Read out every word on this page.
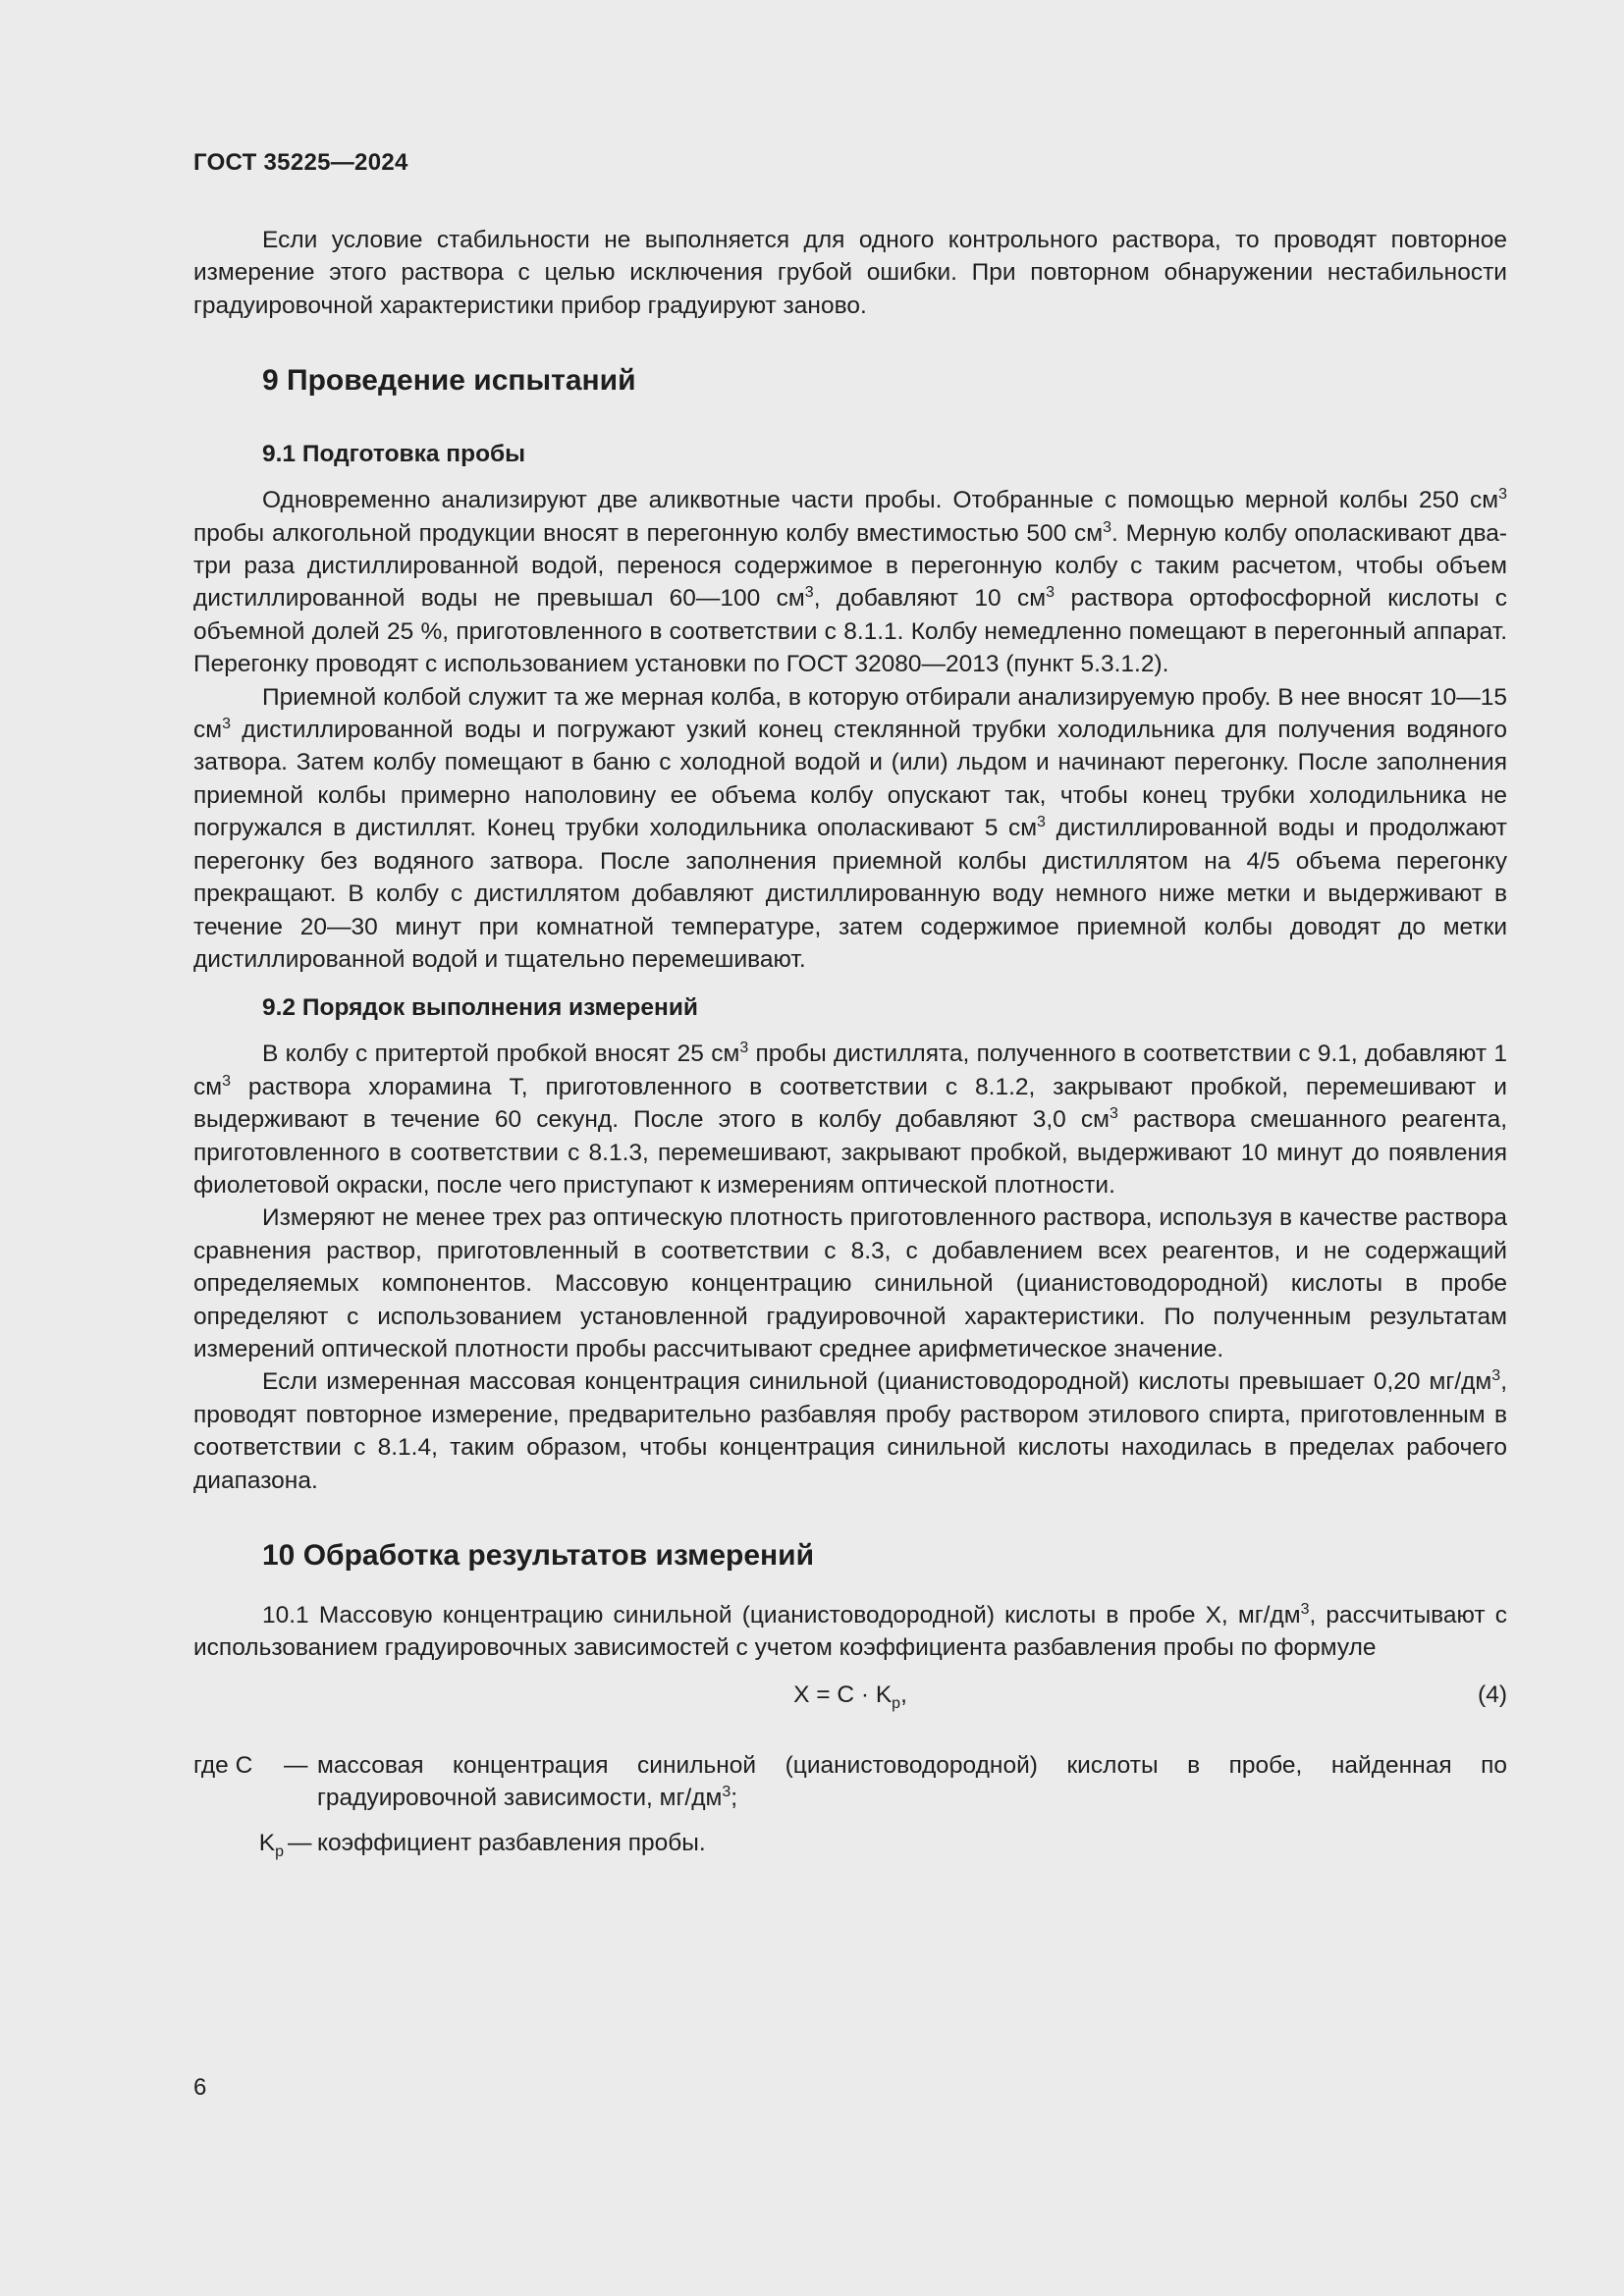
ГОСТ 35225—2024

Если условие стабильности не выполняется для одного контрольного раствора, то проводят повторное измерение этого раствора с целью исключения грубой ошибки. При повторном обнаружении нестабильности градуировочной характеристики прибор градуируют заново.

9 Проведение испытаний
9.1 Подготовка пробы

Одновременно анализируют две аликвотные части пробы. Отобранные с помощью мерной колбы 250 $см^3$ пробы алкогольной продукции вносят в перегонную колбу вместимостью 500 $см^3$. Мерную колбу ополаскивают два-три раза дистиллированной водой, перенося содержимое в перегонную колбу с таким расчетом, чтобы объем дистиллированной воды не превышал 60—100 $см^3$, добавляют 10 $см^3$ раствора ортофосфорной кислоты с объемной долей 25 %, приготовленного в соответствии с 8.1.1. Колбу немедленно помещают в перегонный аппарат. Перегонку проводят с использованием установки по ГОСТ 32080—2013 (пункт 5.3.1.2).

Приемной колбой служит та же мерная колба, в которую отбирали анализируемую пробу. В нее вносят 10—15 $см^3$ дистиллированной воды и погружают узкий конец стеклянной трубки холодильника для получения водяного затвора. Затем колбу помещают в баню с холодной водой и (или) льдом и начинают перегонку. После заполнения приемной колбы примерно наполовину ее объема колбу опускают так, чтобы конец трубки холодильника не погружался в дистиллят. Конец трубки холодильника ополаскивают 5 $см^3$ дистиллированной воды и продолжают перегонку без водяного затвора. После заполнения приемной колбы дистиллятом на 4/5 объема перегонку прекращают. В колбу с дистиллятом добавляют дистиллированную воду немного ниже метки и выдерживают в течение 20—30 минут при комнатной температуре, затем содержимое приемной колбы доводят до метки дистиллированной водой и тщательно перемешивают.

9.2 Порядок выполнения измерений

В колбу с притертой пробкой вносят 25 $см^3$ пробы дистиллята, полученного в соответствии с 9.1, добавляют 1 $см^3$ раствора хлорамина Т, приготовленного в соответствии с 8.1.2, закрывают пробкой, перемешивают и выдерживают в течение 60 секунд. После этого в колбу добавляют 3,0 $см^3$ раствора смешанного реагента, приготовленного в соответствии с 8.1.3, перемешивают, закрывают пробкой, выдерживают 10 минут до появления фиолетовой окраски, после чего приступают к измерениям оптической плотности.

Измеряют не менее трех раз оптическую плотность приготовленного раствора, используя в качестве раствора сравнения раствор, приготовленный в соответствии с 8.3, с добавлением всех реагентов, и не содержащий определяемых компонентов. Массовую концентрацию синильной (цианистоводородной) кислоты в пробе определяют с использованием установленной градуировочной характеристики. По полученным результатам измерений оптической плотности пробы рассчитывают среднее арифметическое значение.

Если измеренная массовая концентрация синильной (цианистоводородной) кислоты превышает 0,20 $мг/дм^3$, проводят повторное измерение, предварительно разбавляя пробу раствором этилового спирта, приготовленным в соответствии с 8.1.4, таким образом, чтобы концентрация синильной кислоты находилась в пределах рабочего диапазона.

10 Обработка результатов измерений

10.1 Массовую концентрацию синильной (цианистоводородной) кислоты в пробе X, $мг/дм^3$, рассчитывают с использованием градуировочных зависимостей с учетом коэффициента разбавления пробы по формуле

$X = C \cdot K_р$,	(4)
где C	— массовая концентрация синильной (цианистоводородной) кислоты в пробе, найденная по градуировочной зависимости, $мг/дм^3$;
$K_р$ — коэффициент разбавления пробы.
6
